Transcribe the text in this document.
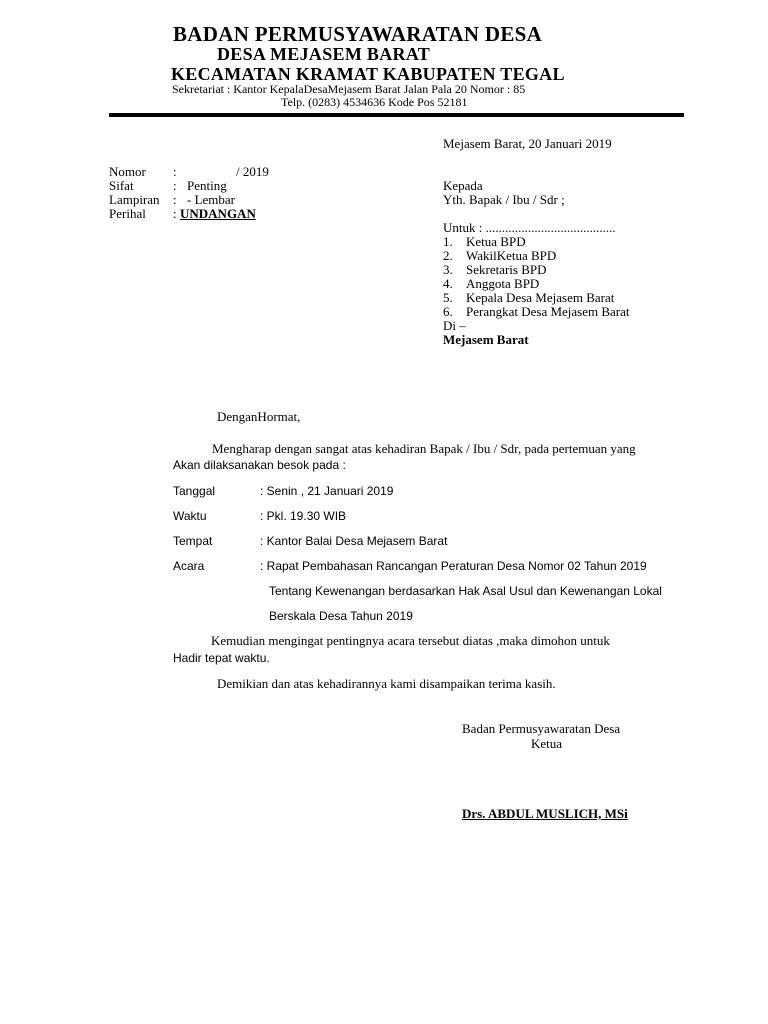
BADAN PERMUSYAWARATAN DESA
DESA MEJASEM BARAT
KECAMATAN KRAMAT KABUPATEN TEGAL
Sekretariat : Kantor KepalaDesaMejasem Barat Jalan Pala 20 Nomor : 85
Telp. (0283) 4534636 Kode Pos 52181
Mejasem Barat, 20 Januari 2019
Nomor :	/ 2019
Sifat	: Penting
Lampiran : - Lembar
Perihal : UNDANGAN
Kepada
Yth. Bapak / Ibu / Sdr ;
Untuk : ........................................
1. Ketua BPD
2. WakilKetua BPD
3. Sekretaris BPD
4. Anggota BPD
5. Kepala Desa Mejasem Barat
6. Perangkat Desa Mejasem Barat
Di –
Mejasem Barat
DenganHormat,
Mengharap dengan sangat atas kehadiran Bapak / Ibu / Sdr, pada pertemuan yang
Akan dilaksanakan besok pada :
Tanggal	: Senin , 21 Januari 2019
Waktu	: Pkl. 19.30 WIB
Tempat	: Kantor Balai Desa Mejasem Barat
Acara	: Rapat Pembahasan Rancangan Peraturan Desa Nomor 02 Tahun 2019
Tentang Kewenangan berdasarkan Hak Asal Usul dan Kewenangan Lokal
Berskala Desa Tahun 2019
Kemudian mengingat pentingnya acara tersebut diatas ,maka dimohon untuk
Hadir tepat waktu.
Demikian dan atas kehadirannya kami disampaikan terima kasih.
Badan Permusyawaratan Desa
Ketua
Drs. ABDUL MUSLICH, MSi
